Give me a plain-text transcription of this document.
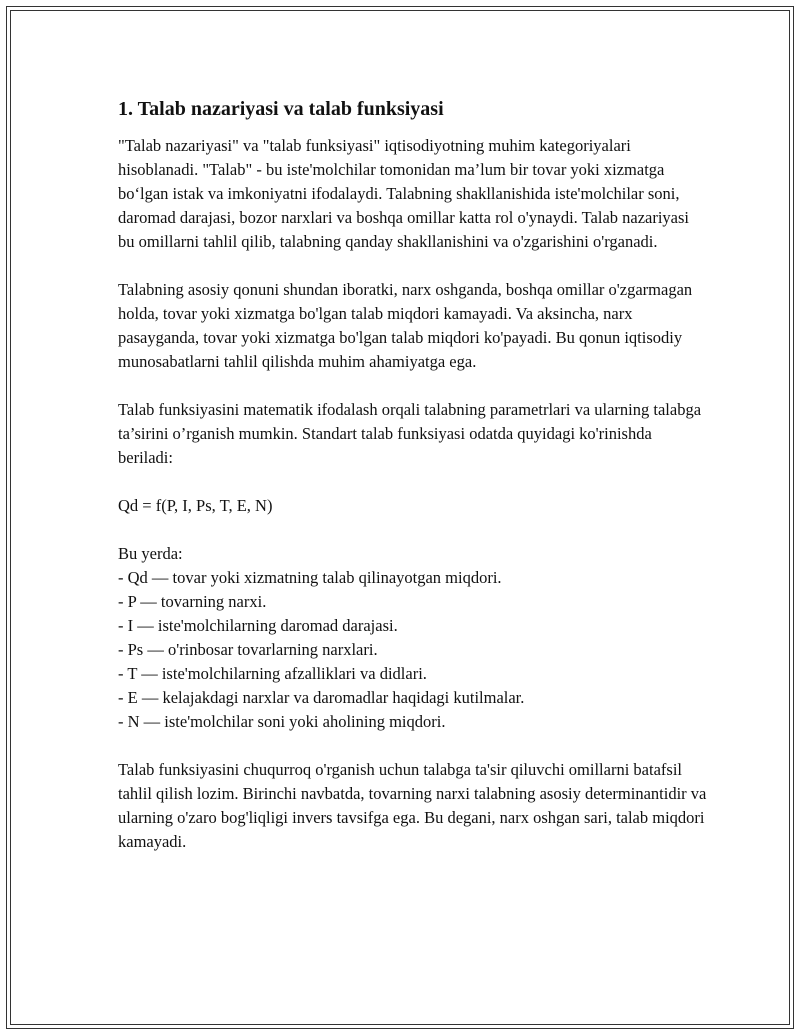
1. Talab nazariyasi va talab funksiyasi

"Talab nazariyasi" va "talab funksiyasi" iqtisodiyotning muhim kategoriyalari hisoblanadi. "Talab" - bu iste'molchilar tomonidan ma’lum bir tovar yoki xizmatga bo‘lgan istak va imkoniyatni ifodalaydi. Talabning shakllanishida iste'molchilar soni, daromad darajasi, bozor narxlari va boshqa omillar katta rol o'ynaydi. Talab nazariyasi bu omillarni tahlil qilib, talabning qanday shakllanishini va o'zgarishini o'rganadi.

Talabning asosiy qonuni shundan iboratki, narx oshganda, boshqa omillar o'zgarmagan holda, tovar yoki xizmatga bo'lgan talab miqdori kamayadi. Va aksincha, narx pasayganda, tovar yoki xizmatga bo'lgan talab miqdori ko'payadi. Bu qonun iqtisodiy munosabatlarni tahlil qilishda muhim ahamiyatga ega.

Talab funksiyasini matematik ifodalash orqali talabning parametrlari va ularning talabga ta’sirini o’rganish mumkin. Standart talab funksiyasi odatda quyidagi ko'rinishda beriladi:

Qd = f(P, I, Ps, T, E, N)
Bu yerda:
- Qd — tovar yoki xizmatning talab qilinayotgan miqdori.
- P — tovarning narxi.
- I — iste'molchilarning daromad darajasi.
- Ps — o'rinbosar tovarlarning narxlari.
- T — iste'molchilarning afzalliklari va didlari.
- E — kelajakdagi narxlar va daromadlar haqidagi kutilmalar.
- N — iste'molchilar soni yoki aholining miqdori.

Talab funksiyasini chuqurroq o'rganish uchun talabga ta'sir qiluvchi omillarni batafsil tahlil qilish lozim. Birinchi navbatda, tovarning narxi talabning asosiy determinantidir va ularning o'zaro bog'liqligi invers tavsifga ega. Bu degani, narx oshgan sari, talab miqdori kamayadi.
